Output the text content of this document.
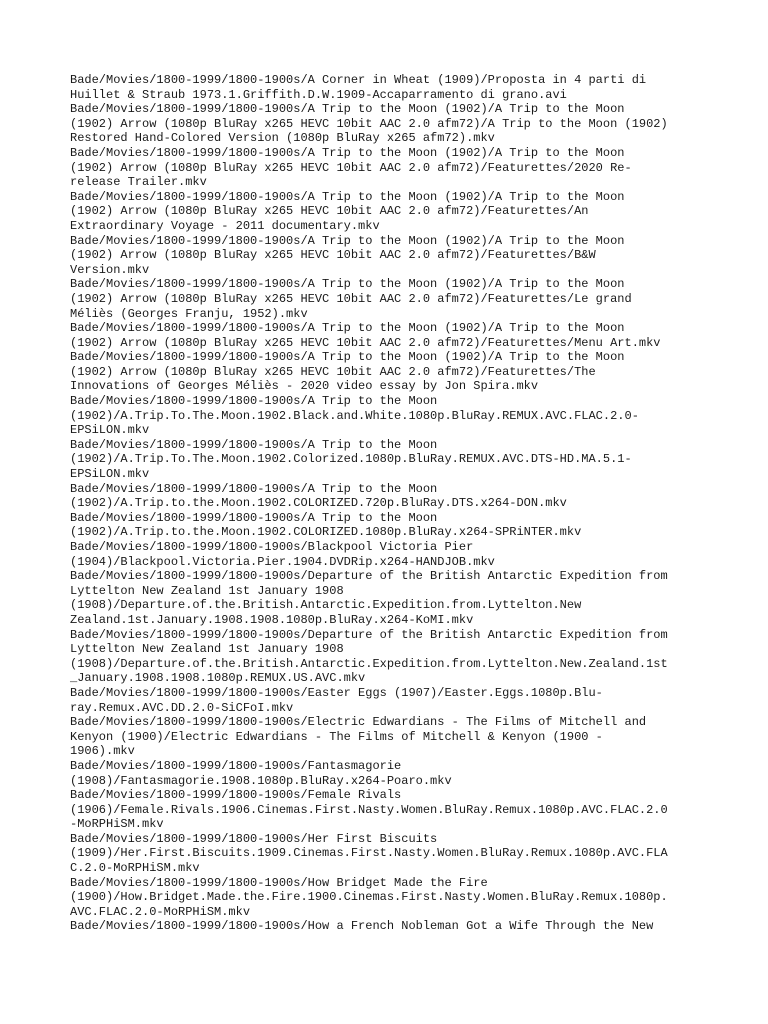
Bade/Movies/1800-1999/1800-1900s/A Corner in Wheat (1909)/Proposta in 4 parti di
Huillet & Straub 1973.1.Griffith.D.W.1909-Accaparramento di grano.avi
Bade/Movies/1800-1999/1800-1900s/A Trip to the Moon (1902)/A Trip to the Moon
(1902) Arrow (1080p BluRay x265 HEVC 10bit AAC 2.0 afm72)/A Trip to the Moon (1902)
Restored Hand-Colored Version (1080p BluRay x265 afm72).mkv
Bade/Movies/1800-1999/1800-1900s/A Trip to the Moon (1902)/A Trip to the Moon
(1902) Arrow (1080p BluRay x265 HEVC 10bit AAC 2.0 afm72)/Featurettes/2020 Re-
release Trailer.mkv
Bade/Movies/1800-1999/1800-1900s/A Trip to the Moon (1902)/A Trip to the Moon
(1902) Arrow (1080p BluRay x265 HEVC 10bit AAC 2.0 afm72)/Featurettes/An
Extraordinary Voyage - 2011 documentary.mkv
Bade/Movies/1800-1999/1800-1900s/A Trip to the Moon (1902)/A Trip to the Moon
(1902) Arrow (1080p BluRay x265 HEVC 10bit AAC 2.0 afm72)/Featurettes/B&W
Version.mkv
Bade/Movies/1800-1999/1800-1900s/A Trip to the Moon (1902)/A Trip to the Moon
(1902) Arrow (1080p BluRay x265 HEVC 10bit AAC 2.0 afm72)/Featurettes/Le grand
Méliès (Georges Franju, 1952).mkv
Bade/Movies/1800-1999/1800-1900s/A Trip to the Moon (1902)/A Trip to the Moon
(1902) Arrow (1080p BluRay x265 HEVC 10bit AAC 2.0 afm72)/Featurettes/Menu Art.mkv
Bade/Movies/1800-1999/1800-1900s/A Trip to the Moon (1902)/A Trip to the Moon
(1902) Arrow (1080p BluRay x265 HEVC 10bit AAC 2.0 afm72)/Featurettes/The
Innovations of Georges Méliès - 2020 video essay by Jon Spira.mkv
Bade/Movies/1800-1999/1800-1900s/A Trip to the Moon
(1902)/A.Trip.To.The.Moon.1902.Black.and.White.1080p.BluRay.REMUX.AVC.FLAC.2.0-
EPSiLON.mkv
Bade/Movies/1800-1999/1800-1900s/A Trip to the Moon
(1902)/A.Trip.To.The.Moon.1902.Colorized.1080p.BluRay.REMUX.AVC.DTS-HD.MA.5.1-
EPSiLON.mkv
Bade/Movies/1800-1999/1800-1900s/A Trip to the Moon
(1902)/A.Trip.to.the.Moon.1902.COLORIZED.720p.BluRay.DTS.x264-DON.mkv
Bade/Movies/1800-1999/1800-1900s/A Trip to the Moon
(1902)/A.Trip.to.the.Moon.1902.COLORIZED.1080p.BluRay.x264-SPRiNTER.mkv
Bade/Movies/1800-1999/1800-1900s/Blackpool Victoria Pier
(1904)/Blackpool.Victoria.Pier.1904.DVDRip.x264-HANDJOB.mkv
Bade/Movies/1800-1999/1800-1900s/Departure of the British Antarctic Expedition from
Lyttelton New Zealand 1st January 1908
(1908)/Departure.of.the.British.Antarctic.Expedition.from.Lyttelton.New
Zealand.1st.January.1908.1908.1080p.BluRay.x264-KoMI.mkv
Bade/Movies/1800-1999/1800-1900s/Departure of the British Antarctic Expedition from
Lyttelton New Zealand 1st January 1908
(1908)/Departure.of.the.British.Antarctic.Expedition.from.Lyttelton.New.Zealand.1st
_January.1908.1908.1080p.REMUX.US.AVC.mkv
Bade/Movies/1800-1999/1800-1900s/Easter Eggs (1907)/Easter.Eggs.1080p.Blu-
ray.Remux.AVC.DD.2.0-SiCFoI.mkv
Bade/Movies/1800-1999/1800-1900s/Electric Edwardians - The Films of Mitchell and
Kenyon (1900)/Electric Edwardians - The Films of Mitchell & Kenyon (1900 -
1906).mkv
Bade/Movies/1800-1999/1800-1900s/Fantasmagorie
(1908)/Fantasmagorie.1908.1080p.BluRay.x264-Poaro.mkv
Bade/Movies/1800-1999/1800-1900s/Female Rivals
(1906)/Female.Rivals.1906.Cinemas.First.Nasty.Women.BluRay.Remux.1080p.AVC.FLAC.2.0
-MoRPHiSM.mkv
Bade/Movies/1800-1999/1800-1900s/Her First Biscuits
(1909)/Her.First.Biscuits.1909.Cinemas.First.Nasty.Women.BluRay.Remux.1080p.AVC.FLA
C.2.0-MoRPHiSM.mkv
Bade/Movies/1800-1999/1800-1900s/How Bridget Made the Fire
(1900)/How.Bridget.Made.the.Fire.1900.Cinemas.First.Nasty.Women.BluRay.Remux.1080p.
AVC.FLAC.2.0-MoRPHiSM.mkv
Bade/Movies/1800-1999/1800-1900s/How a French Nobleman Got a Wife Through the New
